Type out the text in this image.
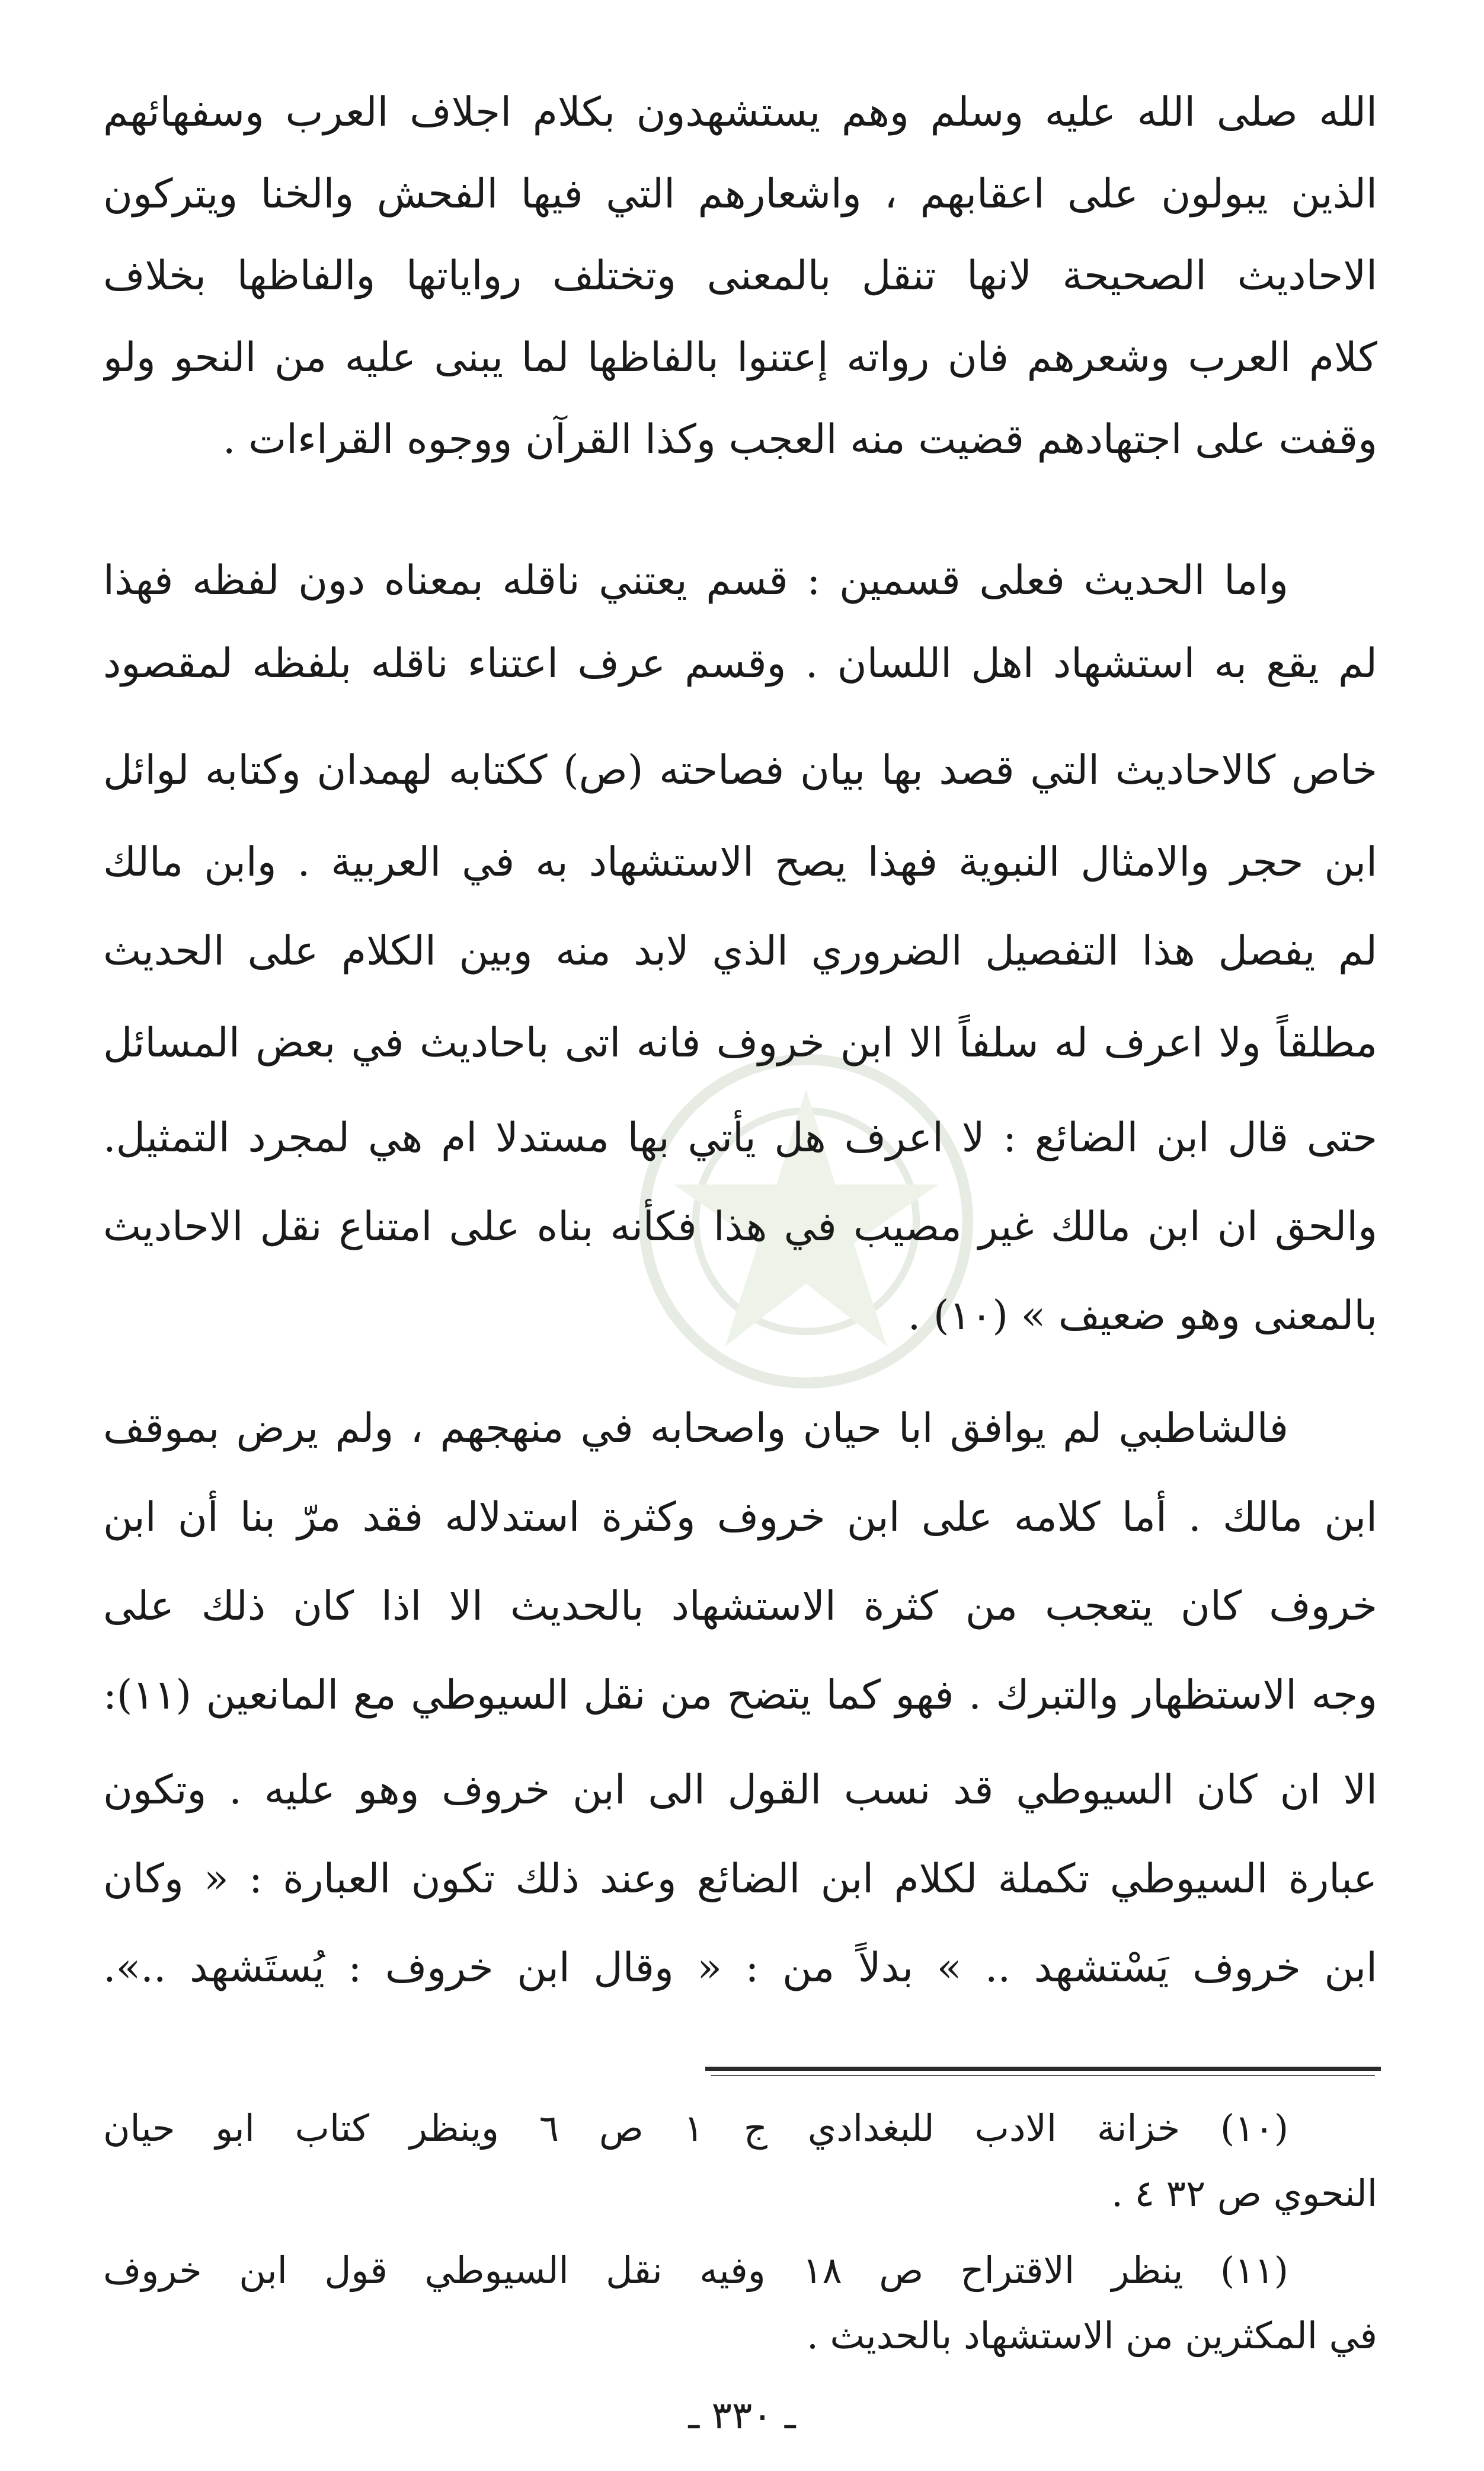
الله صلى الله عليه وسلم وهم يستشهدون بكلام اجلاف العرب وسفهائهم
الذين يبولون على اعقابهم ، واشعارهم التي فيها الفحش والخنا ويتركون
الاحاديث الصحيحة لانها تنقل بالمعنى وتختلف رواياتها والفاظها بخلاف
كلام العرب وشعرهم فان رواته إعتنوا بالفاظها لما يبنى عليه من النحو ولو
وقفت على اجتهادهم قضيت منه العجب وكذا القرآن ووجوه القراءات .
واما الحديث فعلى قسمين : قسم يعتني ناقله بمعناه دون لفظه فهذا
لم يقع به استشهاد اهل اللسان . وقسم عرف اعتناء ناقله بلفظه لمقصود
خاص كالاحاديث التي قصد بها بيان فصاحته (ص) ككتابه لهمدان وكتابه لوائل
ابن حجر والامثال النبوية فهذا يصح الاستشهاد به في العربية . وابن مالك
لم يفصل هذا التفصيل الضروري الذي لابد منه وبين الكلام على الحديث
مطلقاً ولا اعرف له سلفاً الا ابن خروف فانه اتى باحاديث في بعض المسائل
حتى قال ابن الضائع : لا اعرف هل يأتي بها مستدلا ام هي لمجرد التمثيل.
والحق ان ابن مالك غير مصيب في هذا فكأنه بناه على امتناع نقل الاحاديث
بالمعنى وهو ضعيف » (١٠) .
فالشاطبي لم يوافق ابا حيان واصحابه في منهجهم ، ولم يرض بموقف
ابن مالك . أما كلامه على ابن خروف وكثرة استدلاله فقد مرّ بنا أن ابن
خروف كان يتعجب من كثرة الاستشهاد بالحديث الا اذا كان ذلك على
وجه الاستظهار والتبرك . فهو كما يتضح من نقل السيوطي مع المانعين (١١):
الا ان كان السيوطي قد نسب القول الى ابن خروف وهو عليه . وتكون
عبارة السيوطي تكملة لكلام ابن الضائع وعند ذلك تكون العبارة : « وكان
ابن خروف يَسْتشهد .. » بدلاً من : « وقال ابن خروف : يُستَشهد ..».
(١٠) خزانة الادب للبغدادي ج ١ ص ٦ وينظر كتاب ابو حيان
النحوي ص ٣٢ ٤ .
(١١) ينظر الاقتراح ص ١٨ وفيه نقل السيوطي قول ابن خروف
في المكثرين من الاستشهاد بالحديث .
ـ ٣٣٠ ـ
